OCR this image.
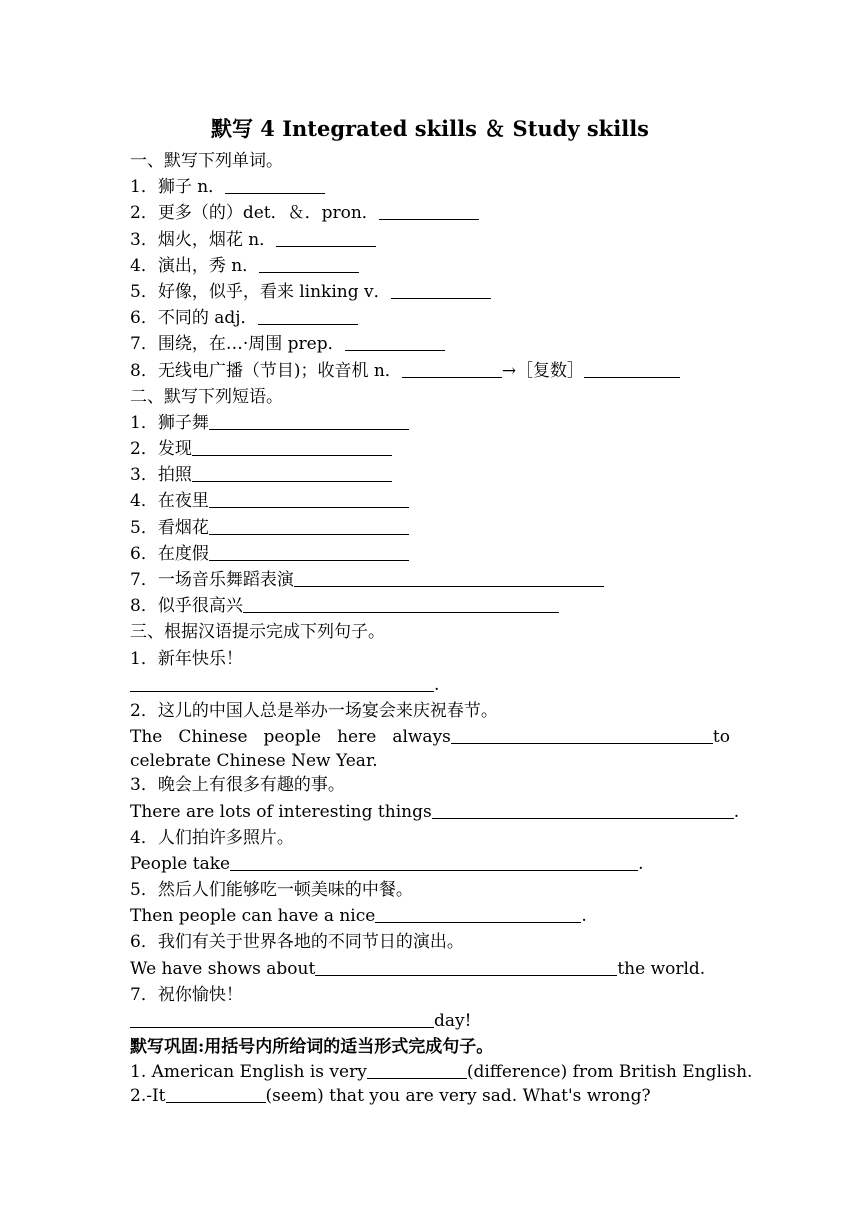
默写 4 Integrated skills ＆ Study skills
一、默写下列单词。
1．狮子 n．
2．更多（的）det．＆．pron．
3．烟火，烟花 n．
4．演出，秀 n．
5．好像，似乎，看来 linking v．
6．不同的 adj．
7．围绕，在…·周围 prep．
8．无线电广播（节目)；收音机 n．	→［复数］
二、默写下列短语。
1．狮子舞
2．发现
3．拍照
4．在夜里
5．看烟花
6．在度假
7．一场音乐舞蹈表演
8．似乎很高兴
三、根据汉语提示完成下列句子。
1．新年快乐！
.
2．这儿的中国人总是举办一场宴会来庆祝春节。
The Chinese people here always	to
celebrate Chinese New Year.
3．晚会上有很多有趣的事。
There are lots of interesting things	.
4．人们拍许多照片。
People take	.
5．然后人们能够吃一顿美味的中餐。
Then people can have a nice	.
6．我们有关于世界各地的不同节日的演出。
We have shows about	the world.
7．祝你愉快！
day!
默写巩固:用括号内所给词的适当形式完成句子。
1. American English is very	(difference) from British English.
2.-It	(seem) that you are very sad. What's wrong?
